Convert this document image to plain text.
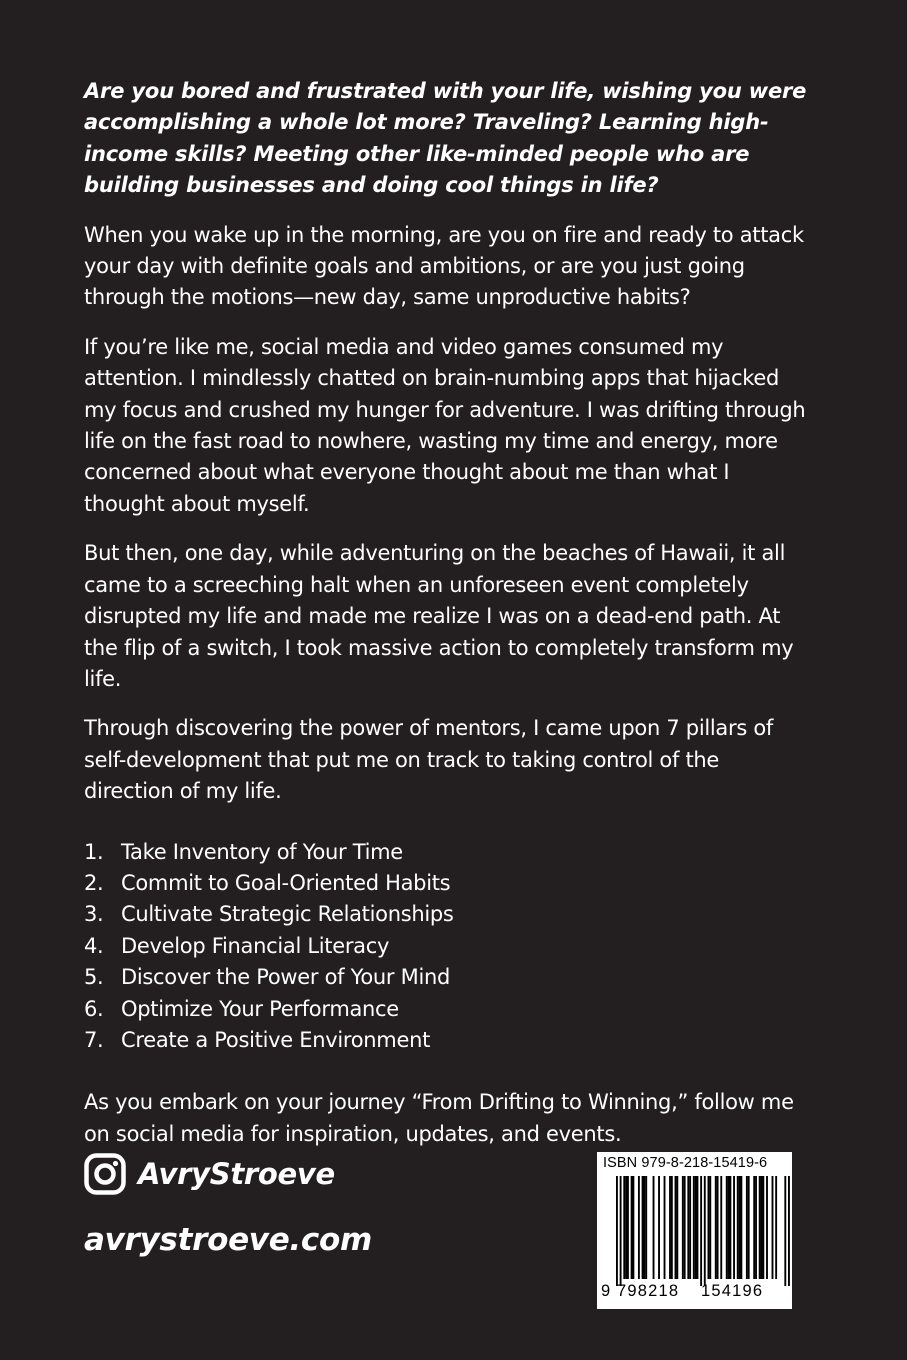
Are you bored and frustrated with your life, wishing you were accomplishing a whole lot more? Traveling? Learning high-income skills? Meeting other like-minded people who are building businesses and doing cool things in life?

When you wake up in the morning, are you on fire and ready to attack your day with definite goals and ambitions, or are you just going through the motions—new day, same unproductive habits?

If you’re like me, social media and video games consumed my attention. I mindlessly chatted on brain-numbing apps that hijacked my focus and crushed my hunger for adventure. I was drifting through life on the fast road to nowhere, wasting my time and energy, more concerned about what everyone thought about me than what I thought about myself.

But then, one day, while adventuring on the beaches of Hawaii, it all came to a screeching halt when an unforeseen event completely disrupted my life and made me realize I was on a dead-end path. At the flip of a switch, I took massive action to completely transform my life.

Through discovering the power of mentors, I came upon 7 pillars of self-development that put me on track to taking control of the direction of my life.

1. Take Inventory of Your Time
2. Commit to Goal-Oriented Habits
3. Cultivate Strategic Relationships
4. Develop Financial Literacy
5. Discover the Power of Your Mind
6. Optimize Your Performance
7. Create a Positive Environment

As you embark on your journey “From Drifting to Winning,” follow me on social media for inspiration, updates, and events.

AvryStroeve
avrystroeve.com
ISBN 979-8-218-15419-6
9 798218	154196
